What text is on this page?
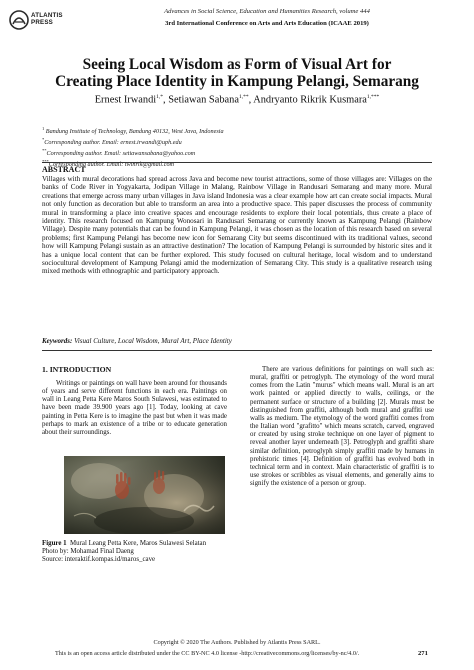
ATLANTIS
PRESS
Advances in Social Science, Education and Humanities Research, volume 444
3rd International Conference on Arts and Arts Education (ICAAE 2019)
Seeing Local Wisdom as Form of Visual Art for
Creating Place Identity in Kampung Pelangi, Semarang
Ernest Irwandi$^{1,*}$, Setiawan Sabana$^{1,**}$, Andryanto Rikrik Kusmara$^{1,***}$
$^1$ Bandung Institute of Technology, Bandung 40132, West Java, Indonesia
*Corresponding author. Email: ernest.irwandi@uph.edu
**Corresponding author. Email: setiawansabana@yahoo.com
***Corresponding author. Email: twinrik@gmail.com
ABSTRACT
Villages with mural decorations had spread across Java and become new tourist attractions, some of those villages are: Villages on the banks of Code River in Yogyakarta, Jodipan Village in Malang, Rainbow Village in Randusari Semarang and many more. Mural creations that emerge across many urban villages in Java island Indonesia was a clear example how art can create social impacts. Mural not only function as decoration but able to transform an area into a productive space. This paper discusses the process of community mural in transforming a place into creative spaces and encourage residents to explore their local potentials, thus create a place of identity. This research focused on Kampung Wonosari in Randusari Semarang or currently known as Kampung Pelangi (Rainbow Village). Despite many potentials that can be found in Kampung Pelangi, it was chosen as the location of this research based on several problems; first Kampung Pelangi has become new icon for Semarang City but seems discontinued with its traditional values, second how will Kampung Pelangi sustain as an attractive destination? The location of Kampung Pelangi is surrounded by historic sites and it has a unique local content that can be further explored. This study focused on cultural heritage, local wisdom and to understand sociocultural development of Kampung Pelangi amid the modernization of Semarang City. This study is a qualitative research using mixed methods with ethnographic and participatory approach.
Keywords: Visual Culture, Local Wisdom, Mural Art, Place Identity
1. INTRODUCTION
Writings or paintings on wall have been around for thousands of years and serve different functions in each era. Paintings on wall in Leang Petta Kere Maros South Sulawesi, was estimated to have been made 39.900 years ago [1]. Today, looking at cave painting in Petta Kere is to imagine the past but when it was made perhaps to mark an existence of a tribe or to educate generation about their surroundings.
Figure 1 Mural Leang Petta Kere, Maros Sulawesi Selatan
Photo by: Mohamad Final Daeng
Source: interaktif.kompas.id/maros_cave
There are various definitions for paintings on wall such as: mural, graffiti or petroglyph. The etymology of the word mural comes from the Latin "murus" which means wall. Mural is an art work painted or applied directly to walls, ceilings, or the permanent surface or structure of a building [2]. Murals must be distinguished from graffiti, although both mural and graffiti use walls as medium. The etymology of the word graffiti comes from the Italian word "grafitto" which means scratch, carved, engraved or created by using stroke technique on one layer of pigment to reveal another layer underneath [3]. Petroglyph and graffiti share similar definition, petroglyph simply graffiti made by humans in prehistoric times [4]. Definition of graffiti has evolved both in technical term and in context. Main characteristic of graffiti is to use strokes or scribbles as visual elements, and generally aims to signify the existence of a person or group.
Copyright © 2020 The Authors. Published by Atlantis Press SARL.
This is an open access article distributed under the CC BY-NC 4.0 license -http://creativecommons.org/licenses/by-nc/4.0/.	271
